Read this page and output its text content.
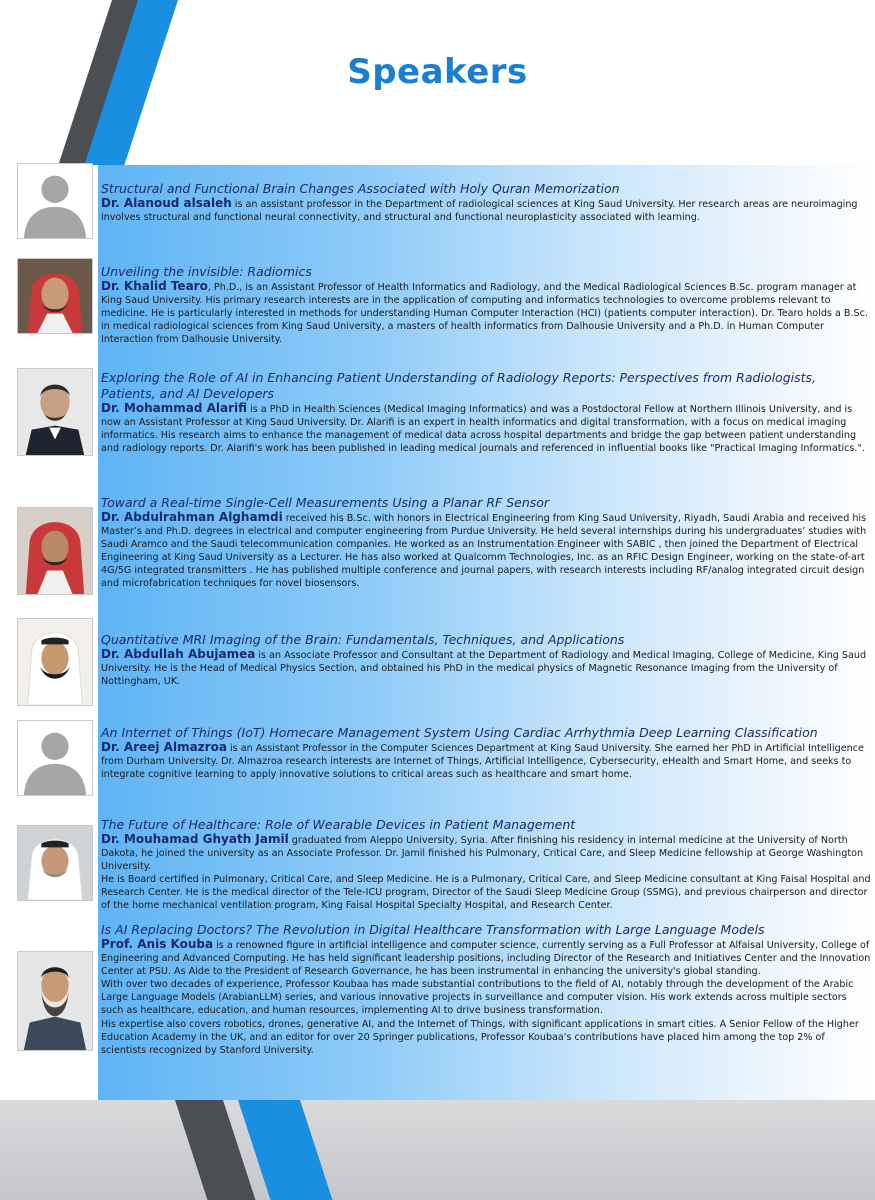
Speakers

Structural and Functional Brain Changes Associated with Holy Quran Memorization

Dr. Alanoud alsaleh is an assistant professor in the Department of radiological sciences at King Saud University. Her research areas are neuroimaging involves structural and functional neural connectivity, and structural and functional neuroplasticity associated with learning.

Unveiling the invisible: Radiomics

Dr. Khalid Tearo, Ph.D., is an Assistant Professor of Health Informatics and Radiology, and the Medical Radiological Sciences B.Sc. program manager at King Saud University. His primary research interests are in the application of computing and informatics technologies to overcome problems relevant to medicine. He is particularly interested in methods for understanding Human Computer Interaction (HCI) (patients computer interaction). Dr. Tearo holds a B.Sc. in medical radiological sciences from King Saud University, a masters of health informatics from Dalhousie University and a Ph.D. in Human Computer Interaction from Dalhousie University.

Exploring the Role of AI in Enhancing Patient Understanding of Radiology Reports: Perspectives from Radiologists, Patients, and AI Developers

Dr. Mohammad Alarifi is a PhD in Health Sciences (Medical Imaging Informatics) and was a Postdoctoral Fellow at Northern Illinois University, and is now an Assistant Professor at King Saud University. Dr. Alarifi is an expert in health informatics and digital transformation, with a focus on medical imaging informatics. His research aims to enhance the management of medical data across hospital departments and bridge the gap between patient understanding and radiology reports. Dr. Alarifi's work has been published in leading medical journals and referenced in influential books like "Practical Imaging Informatics.".

Toward a Real-time Single-Cell Measurements Using a Planar RF Sensor

Dr. Abdulrahman Alghamdi received his B.Sc. with honors in Electrical Engineering from King Saud University, Riyadh, Saudi Arabia and received his Master’s and Ph.D. degrees in electrical and computer engineering from Purdue University. He held several internships during his undergraduates’ studies with Saudi Aramco and the Saudi telecommunication companies. He worked as an Instrumentation Engineer with SABIC , then joined the Department of Electrical Engineering at King Saud University as a Lecturer. He has also worked at Qualcomm Technologies, Inc. as an RFIC Design Engineer, working on the state-of-art 4G/5G integrated transmitters . He has published multiple conference and journal papers, with research interests including RF/analog integrated circuit design and microfabrication techniques for novel biosensors.

Quantitative MRI Imaging of the Brain: Fundamentals, Techniques, and Applications

Dr. Abdullah Abujamea is an Associate Professor and Consultant at the Department of Radiology and Medical Imaging, College of Medicine, King Saud University. He is the Head of Medical Physics Section, and obtained his PhD in the medical physics of Magnetic Resonance Imaging from the University of Nottingham, UK.

An Internet of Things (IoT) Homecare Management System Using Cardiac Arrhythmia Deep Learning Classification

Dr. Areej Almazroa is an Assistant Professor in the Computer Sciences Department at King Saud University. She earned her PhD in Artificial Intelligence from Durham University. Dr. Almazroa research interests are Internet of Things, Artificial Intelligence, Cybersecurity, eHealth and Smart Home, and seeks to integrate cognitive learning to apply innovative solutions to critical areas such as healthcare and smart home.

The Future of Healthcare: Role of Wearable Devices in Patient Management

Dr. Mouhamad Ghyath Jamil graduated from Aleppo University, Syria. After finishing his residency in internal medicine at the University of North Dakota, he joined the university as an Associate Professor. Dr. Jamil finished his Pulmonary, Critical Care, and Sleep Medicine fellowship at George Washington University.

He is Board certified in Pulmonary, Critical Care, and Sleep Medicine. He is a Pulmonary, Critical Care, and Sleep Medicine consultant at King Faisal Hospital and Research Center. He is the medical director of the Tele-ICU program, Director of the Saudi Sleep Medicine Group (SSMG), and previous chairperson and director of the home mechanical ventilation program, King Faisal Hospital Specialty Hospital, and Research Center.

Is AI Replacing Doctors? The Revolution in Digital Healthcare Transformation with Large Language Models

Prof. Anis Kouba is a renowned figure in artificial intelligence and computer science, currently serving as a Full Professor at Alfaisal University, College of Engineering and Advanced Computing. He has held significant leadership positions, including Director of the Research and Initiatives Center and the Innovation Center at PSU. As Aide to the President of Research Governance, he has been instrumental in enhancing the university's global standing.

With over two decades of experience, Professor Koubaa has made substantial contributions to the field of AI, notably through the development of the Arabic Large Language Models (ArabianLLM) series, and various innovative projects in surveillance and computer vision. His work extends across multiple sectors such as healthcare, education, and human resources, implementing AI to drive business transformation.

His expertise also covers robotics, drones, generative AI, and the Internet of Things, with significant applications in smart cities. A Senior Fellow of the Higher Education Academy in the UK, and an editor for over 20 Springer publications, Professor Koubaa's contributions have placed him among the top 2% of scientists recognized by Stanford University.
